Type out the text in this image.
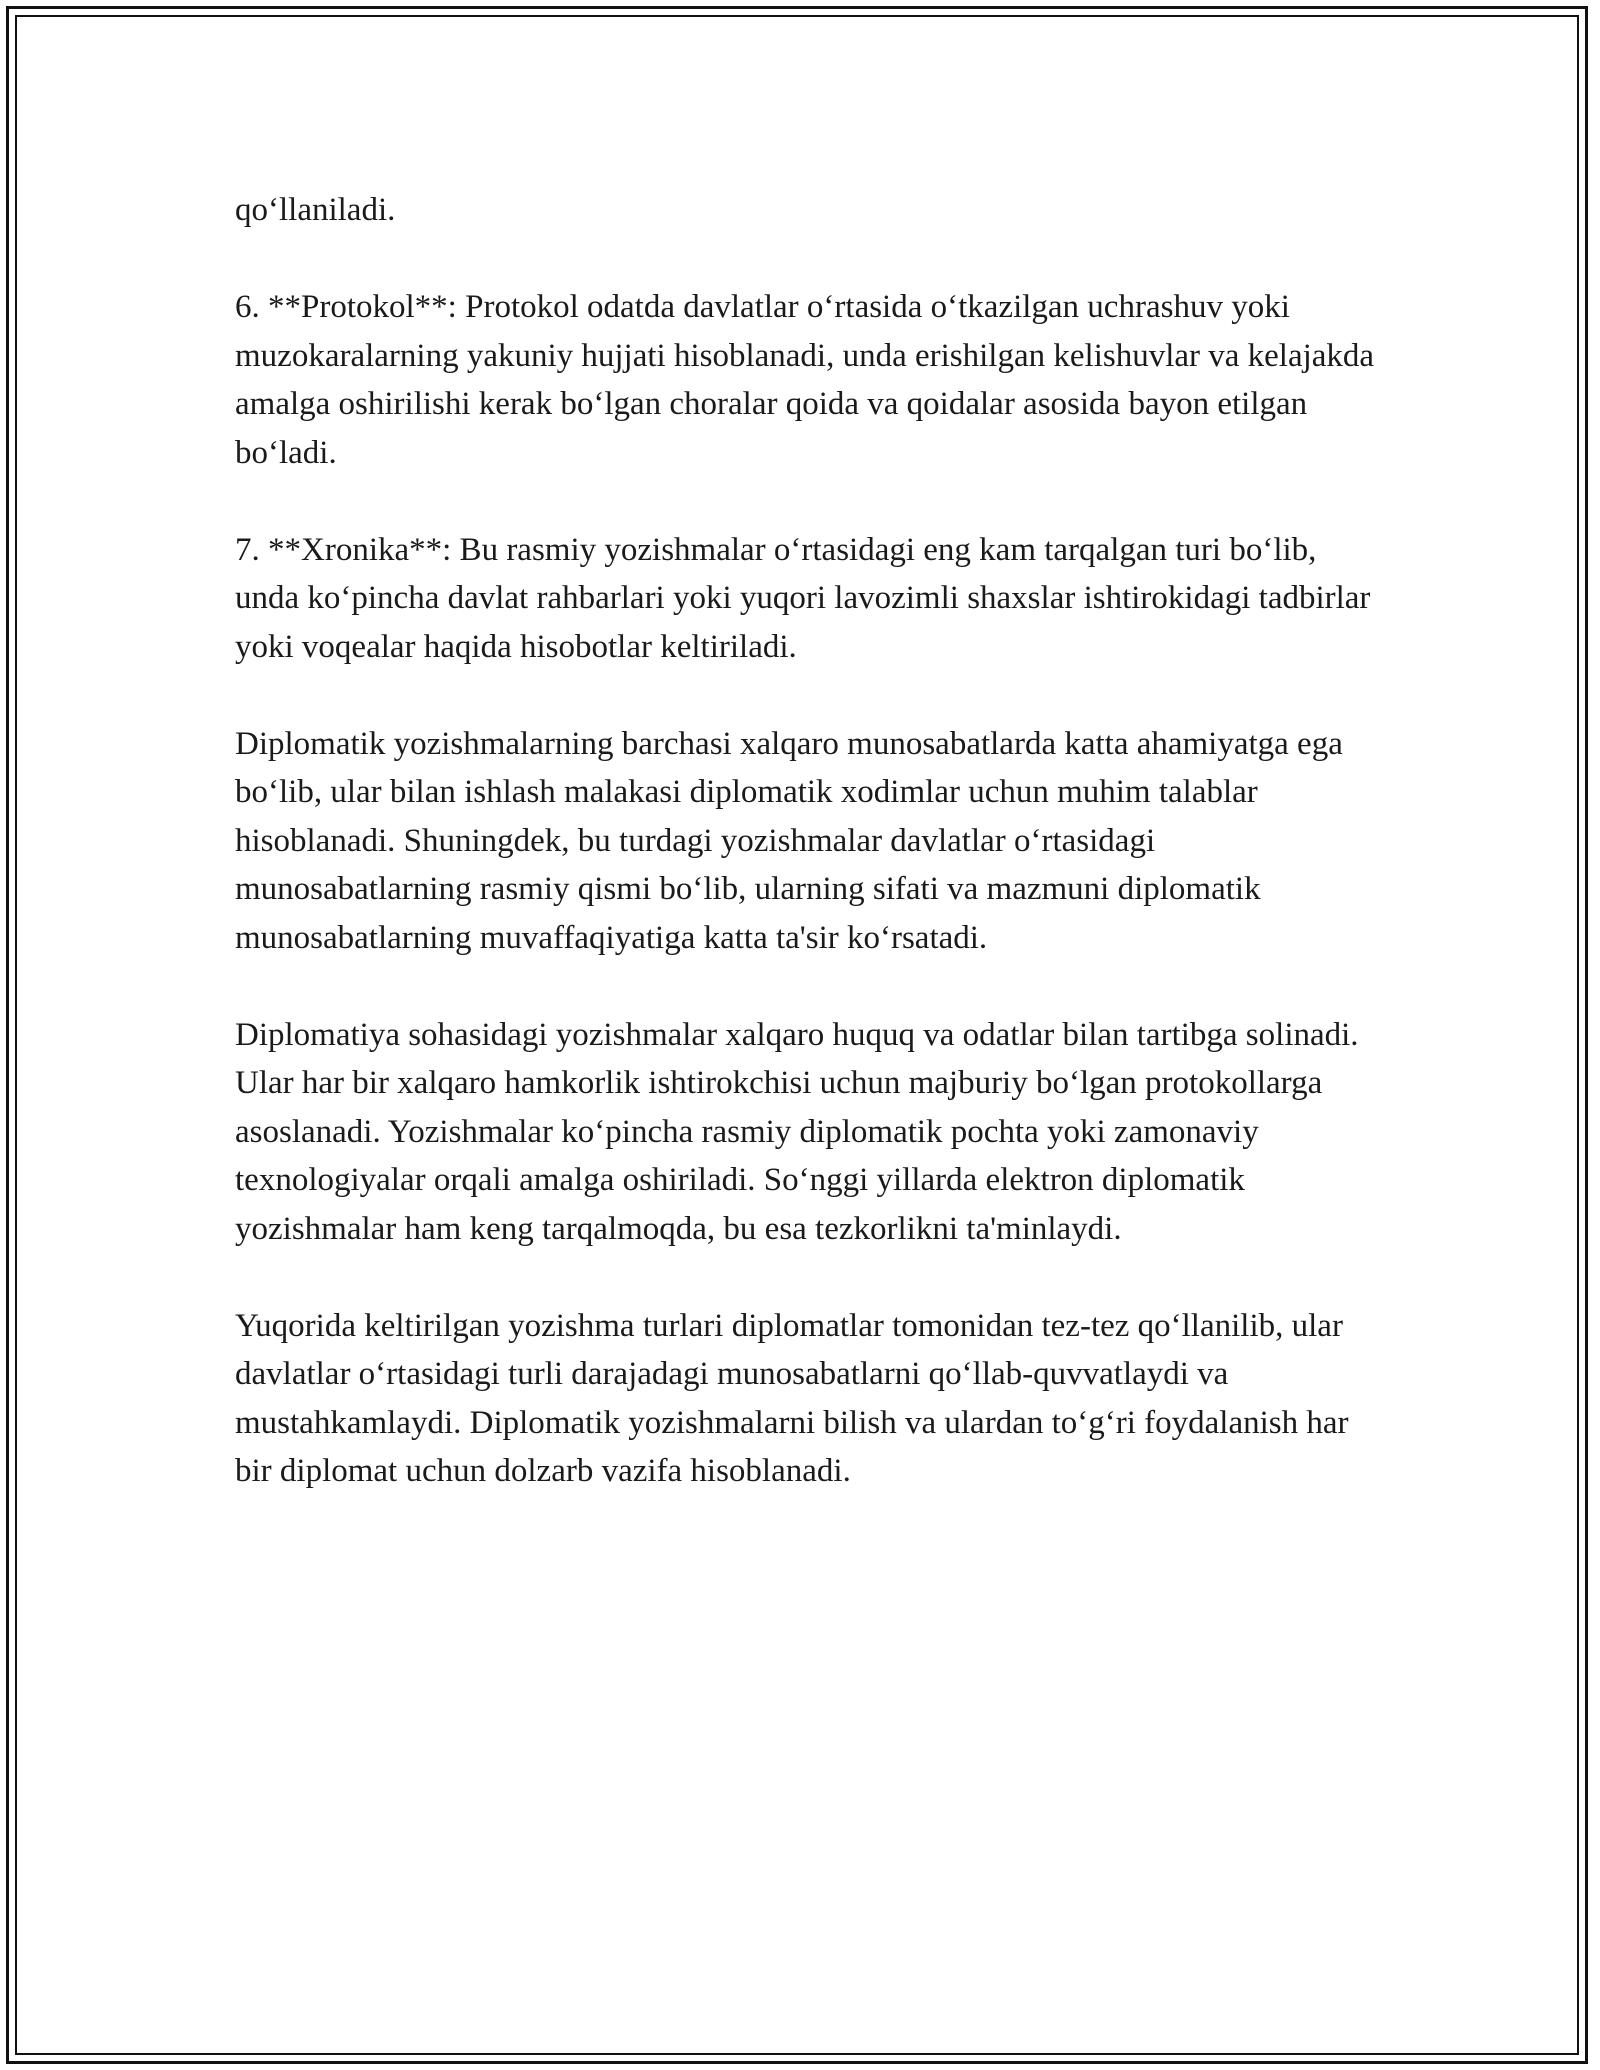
qo‘llaniladi.

6. **Protokol**: Protokol odatda davlatlar o‘rtasida o‘tkazilgan uchrashuv yoki muzokaralarning yakuniy hujjati hisoblanadi, unda erishilgan kelishuvlar va kelajakda amalga oshirilishi kerak bo‘lgan choralar qoida va qoidalar asosida bayon etilgan bo‘ladi.

7. **Xronika**: Bu rasmiy yozishmalar o‘rtasidagi eng kam tarqalgan turi bo‘lib, unda ko‘pincha davlat rahbarlari yoki yuqori lavozimli shaxslar ishtirokidagi tadbirlar yoki voqealar haqida hisobotlar keltiriladi.

Diplomatik yozishmalarning barchasi xalqaro munosabatlarda katta ahamiyatga ega bo‘lib, ular bilan ishlash malakasi diplomatik xodimlar uchun muhim talablar hisoblanadi. Shuningdek, bu turdagi yozishmalar davlatlar o‘rtasidagi munosabatlarning rasmiy qismi bo‘lib, ularning sifati va mazmuni diplomatik munosabatlarning muvaffaqiyatiga katta ta'sir ko‘rsatadi.

Diplomatiya sohasidagi yozishmalar xalqaro huquq va odatlar bilan tartibga solinadi. Ular har bir xalqaro hamkorlik ishtirokchisi uchun majburiy bo‘lgan protokollarga asoslanadi. Yozishmalar ko‘pincha rasmiy diplomatik pochta yoki zamonaviy texnologiyalar orqali amalga oshiriladi. So‘nggi yillarda elektron diplomatik yozishmalar ham keng tarqalmoqda, bu esa tezkorlikni ta'minlaydi.

Yuqorida keltirilgan yozishma turlari diplomatlar tomonidan tez-tez qo‘llanilib, ular davlatlar o‘rtasidagi turli darajadagi munosabatlarni qo‘llab-quvvatlaydi va mustahkamlaydi. Diplomatik yozishmalarni bilish va ulardan to‘g‘ri foydalanish har bir diplomat uchun dolzarb vazifa hisoblanadi.
